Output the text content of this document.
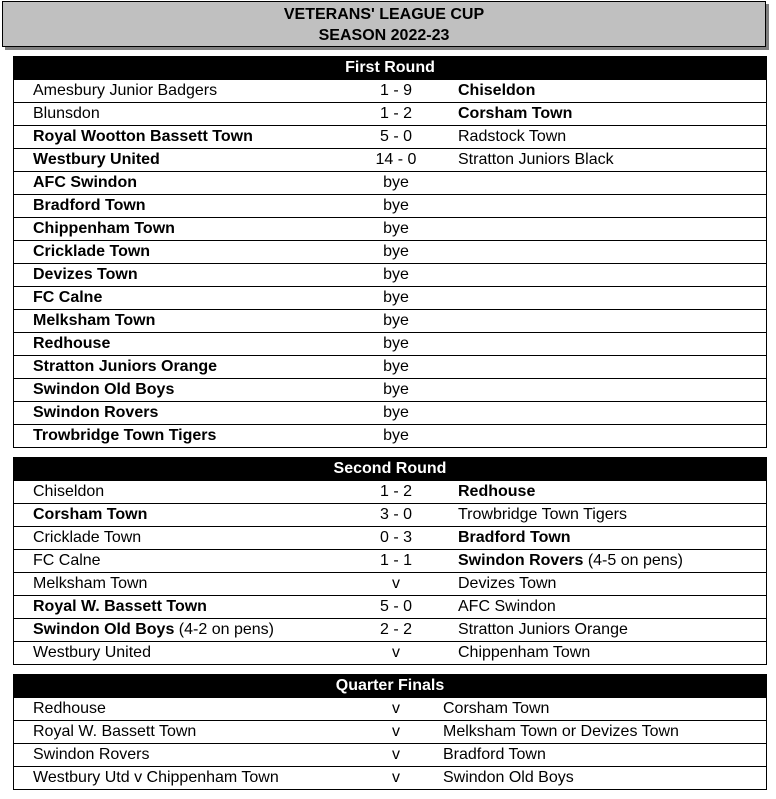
VETERANS' LEAGUE CUP
SEASON 2022-23
First Round
Amesbury Junior Badgers	1 - 9	Chiseldon
Blunsdon	1 - 2	Corsham Town
Royal Wootton Bassett Town	5 - 0	Radstock Town
Westbury United	14 - 0	Stratton Juniors Black
AFC Swindon	bye
Bradford Town	bye
Chippenham Town	bye
Cricklade Town	bye
Devizes Town	bye
FC Calne	bye
Melksham Town	bye
Redhouse	bye
Stratton Juniors Orange	bye
Swindon Old Boys	bye
Swindon Rovers	bye
Trowbridge Town Tigers	bye
Second Round
Chiseldon	1 - 2	Redhouse
Corsham Town	3 - 0	Trowbridge Town Tigers
Cricklade Town	0 - 3	Bradford Town
FC Calne	1 - 1	Swindon Rovers (4-5 on pens)
Melksham Town	v	Devizes Town
Royal W. Bassett Town	5 - 0	AFC Swindon
Swindon Old Boys (4-2 on pens)	2 - 2	Stratton Juniors Orange
Westbury United	v	Chippenham Town
Quarter Finals
Redhouse	v	Corsham Town
Royal W. Bassett Town	v	Melksham Town or Devizes Town
Swindon Rovers	v	Bradford Town
Westbury Utd v Chippenham Town	v	Swindon Old Boys
